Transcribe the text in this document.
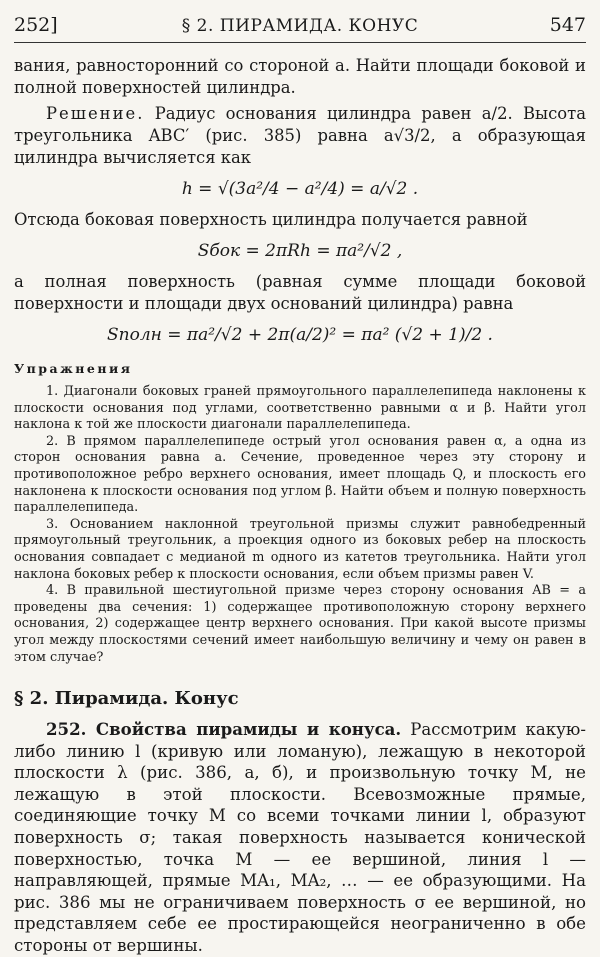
252]	§ 2. ПИРАМИДА. КОНУС	547

вания, равносторонний со стороной a. Найти площади боковой и полной поверхностей цилиндра.

Решение. Радиус основания цилиндра равен a/2. Высота треугольника ABC′ (рис. 385) равна a√3/2, а образующая цилиндра вычисляется как

h = √(3a²/4 − a²/4) = a/√2 .

Отсюда боковая поверхность цилиндра получается равной

Sбок = 2πRh = πa²/√2 ,

а полная поверхность (равная сумме площади боковой поверхности и площади двух оснований цилиндра) равна

Sполн = πa²/√2 + 2π(a/2)² = πa² (√2 + 1)/2 .

Упражнения

1. Диагонали боковых граней прямоугольного параллелепипеда наклонены к плоскости основания под углами, соответственно равными α и β. Найти угол наклона к той же плоскости диагонали параллелепипеда.

2. В прямом параллелепипеде острый угол основания равен α, а одна из сторон основания равна a. Сечение, проведенное через эту сторону и противоположное ребро верхнего основания, имеет площадь Q, и плоскость его наклонена к плоскости основания под углом β. Найти объем и полную поверхность параллелепипеда.

3. Основанием наклонной треугольной призмы служит равнобедренный прямоугольный треугольник, а проекция одного из боковых ребер на плоскость основания совпадает с медианой m одного из катетов треугольника. Найти угол наклона боковых ребер к плоскости основания, если объем призмы равен V.

4. В правильной шестиугольной призме через сторону основания AB = a проведены два сечения: 1) содержащее противоположную сторону верхнего основания, 2) содержащее центр верхнего основания. При какой высоте призмы угол между плоскостями сечений имеет наибольшую величину и чему он равен в этом случае?

§ 2. Пирамида. Конус

252. Свойства пирамиды и конуса. Рассмотрим какую-либо линию l (кривую или ломаную), лежащую в некоторой плоскости λ (рис. 386, а, б), и произвольную точку M, не лежащую в этой плоскости. Всевозможные прямые, соединяющие точку M со всеми точками линии l, образуют поверхность σ; такая поверхность называется конической поверхностью, точка M — ее вершиной, линия l — направляющей, прямые MA₁, MA₂, … — ее образующими. На рис. 386 мы не ограничиваем поверхность σ ее вершиной, но представляем себе ее простирающейся неограниченно в обе стороны от вершины.
